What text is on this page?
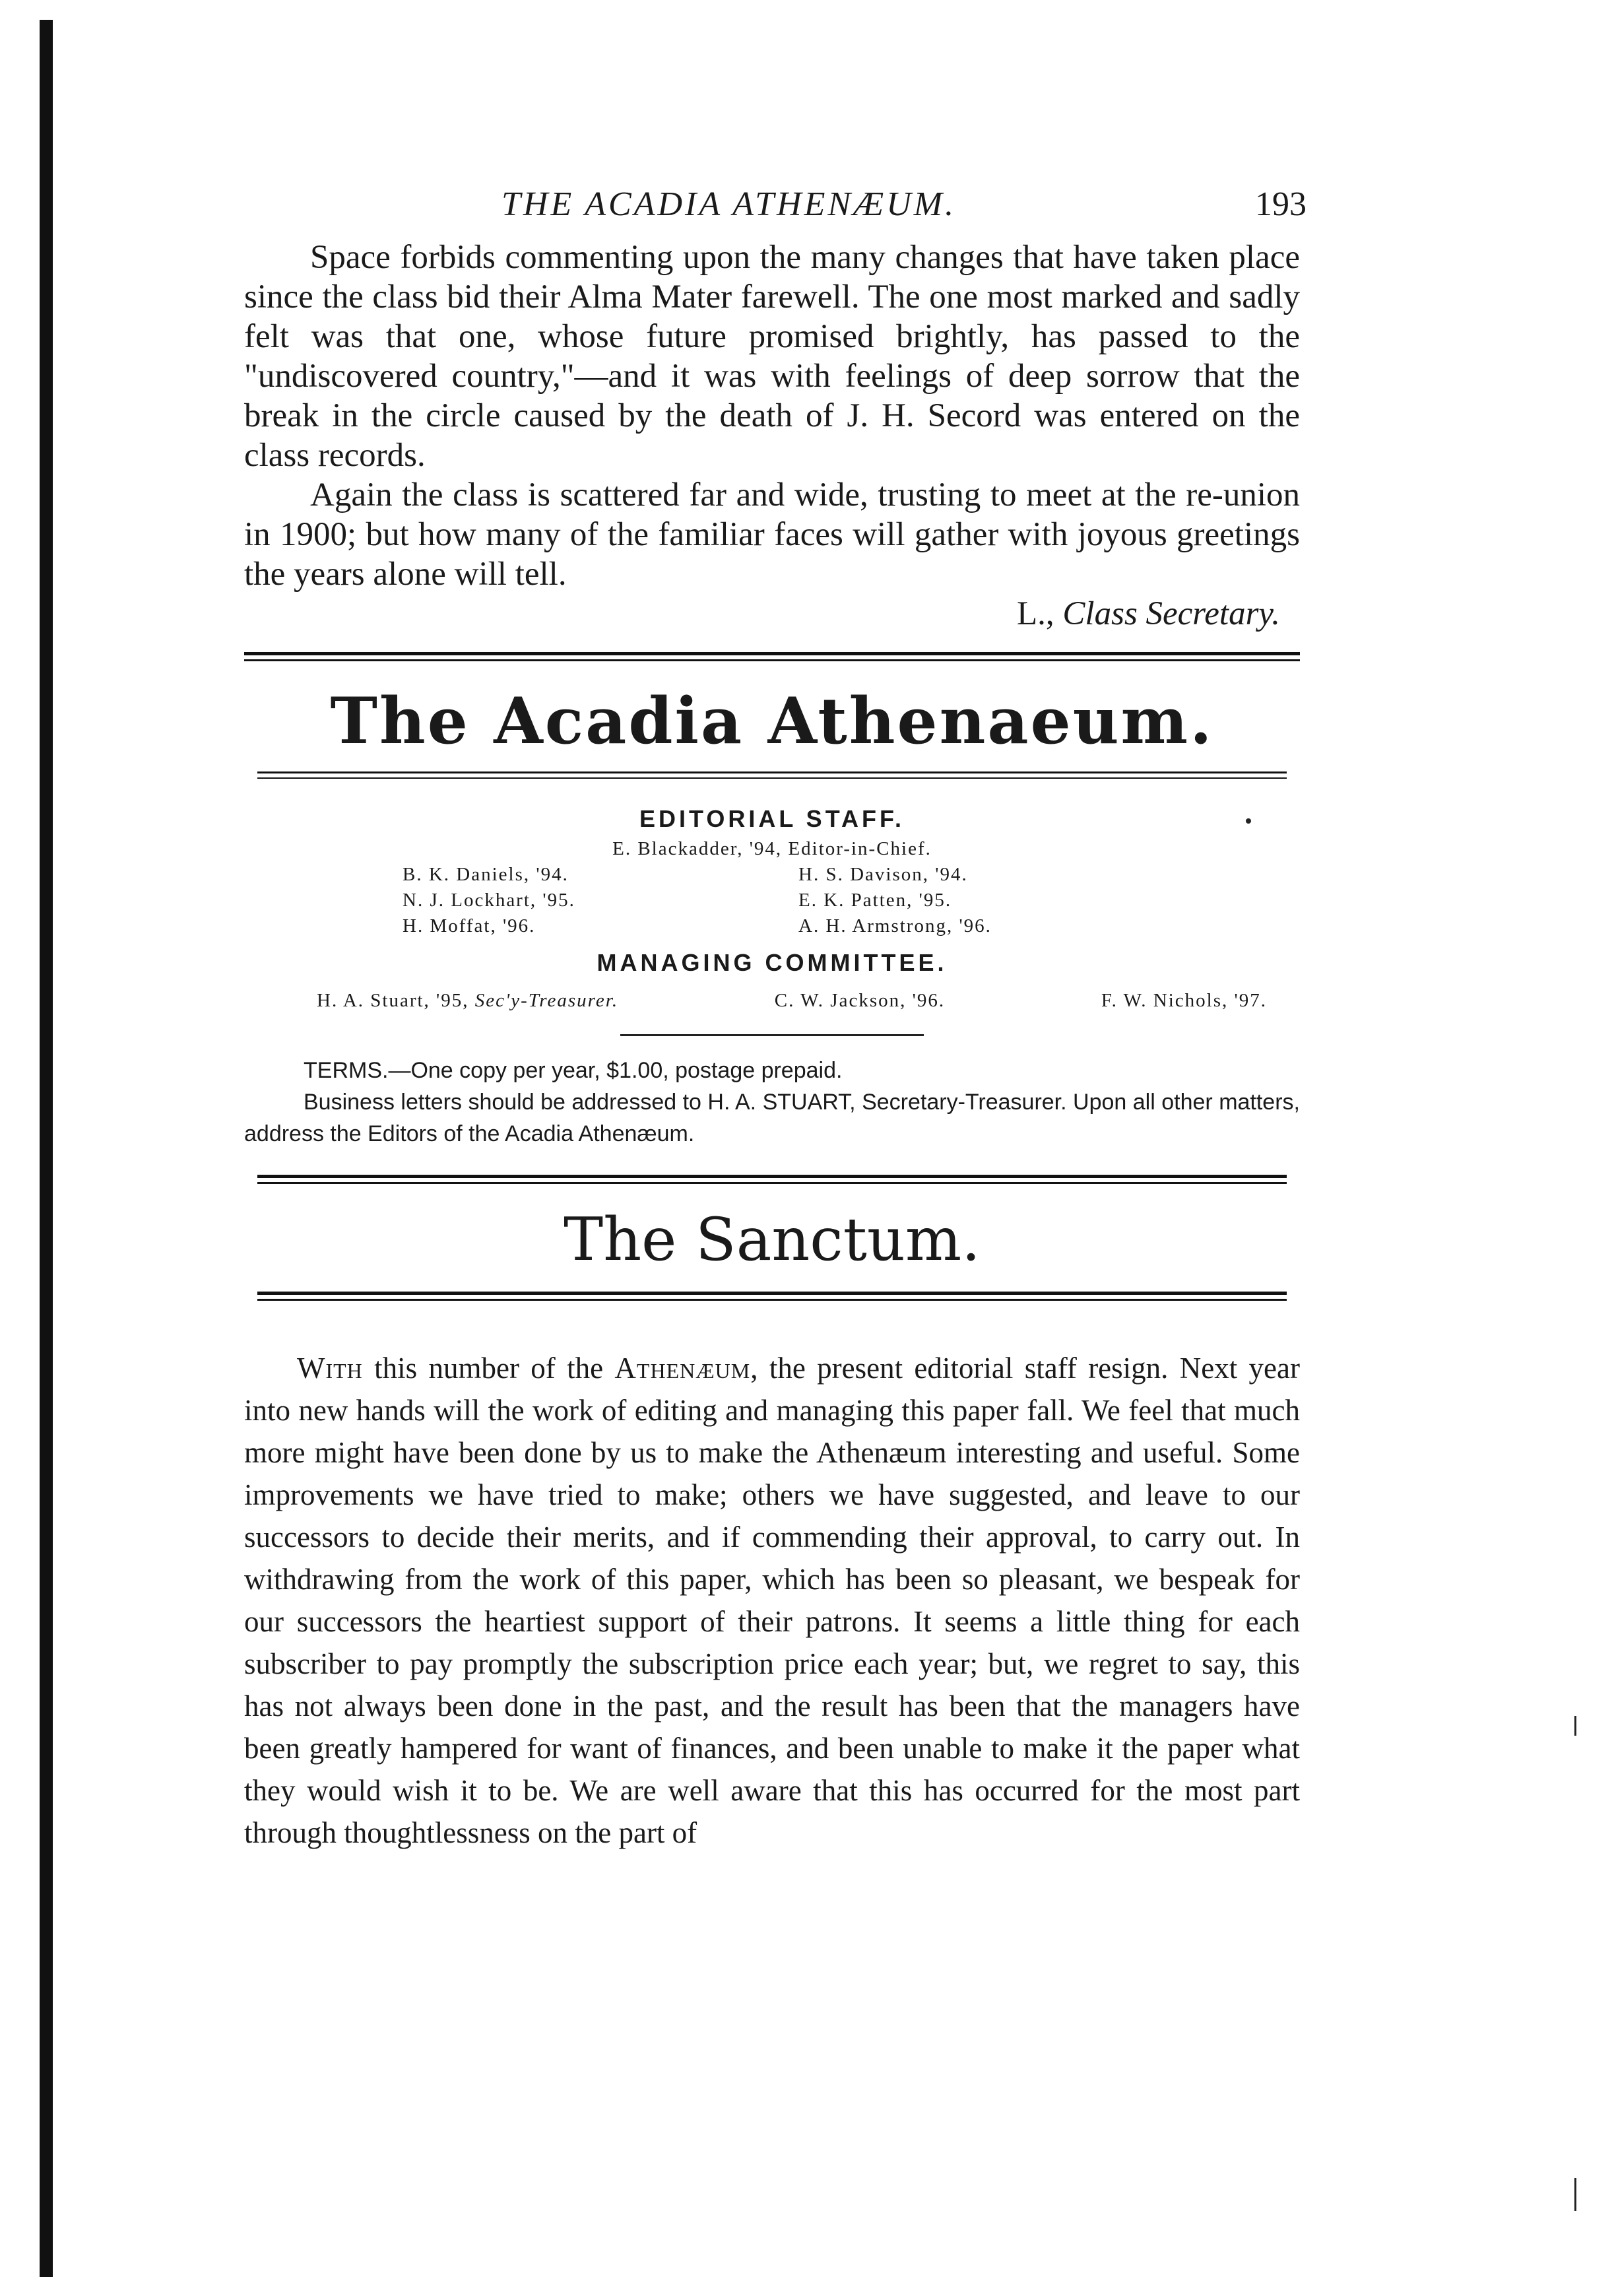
THE ACADIA ATHENÆUM.	193

Space forbids commenting upon the many changes that have taken place since the class bid their Alma Mater farewell. The one most marked and sadly felt was that one, whose future promised brightly, has passed to the "undiscovered country,"—and it was with feelings of deep sorrow that the break in the circle caused by the death of J. H. Secord was entered on the class records.

Again the class is scattered far and wide, trusting to meet at the re-union in 1900; but how many of the familiar faces will gather with joyous greetings the years alone will tell.

L., Class Secretary.
The Acadia Athenaeum.
EDITORIAL STAFF.
E. Blackadder, '94, Editor-in-Chief.
B. K. Daniels, '94.	H. S. Davison, '94.
N. J. Lockhart, '95.	E. K. Patten, '95.
H. Moffat, '96.	A. H. Armstrong, '96.
MANAGING COMMITTEE.
H. A. Stuart, '95, Sec'y-Treasurer.	C. W. Jackson, '96.	F. W. Nichols, '97.

TERMS.—One copy per year, $1.00, postage prepaid.

Business letters should be addressed to H. A. STUART, Secretary-Treasurer. Upon all other matters, address the Editors of the Acadia Athenæum.

The Sanctum.

With this number of the Athenæum, the present editorial staff resign. Next year into new hands will the work of editing and managing this paper fall. We feel that much more might have been done by us to make the Athenæum interesting and useful. Some improvements we have tried to make; others we have suggested, and leave to our successors to decide their merits, and if commending their approval, to carry out. In withdrawing from the work of this paper, which has been so pleasant, we bespeak for our successors the heartiest support of their patrons. It seems a little thing for each subscriber to pay promptly the subscription price each year; but, we regret to say, this has not always been done in the past, and the result has been that the managers have been greatly hampered for want of finances, and been unable to make it the paper what they would wish it to be. We are well aware that this has occurred for the most part through thoughtlessness on the part of
